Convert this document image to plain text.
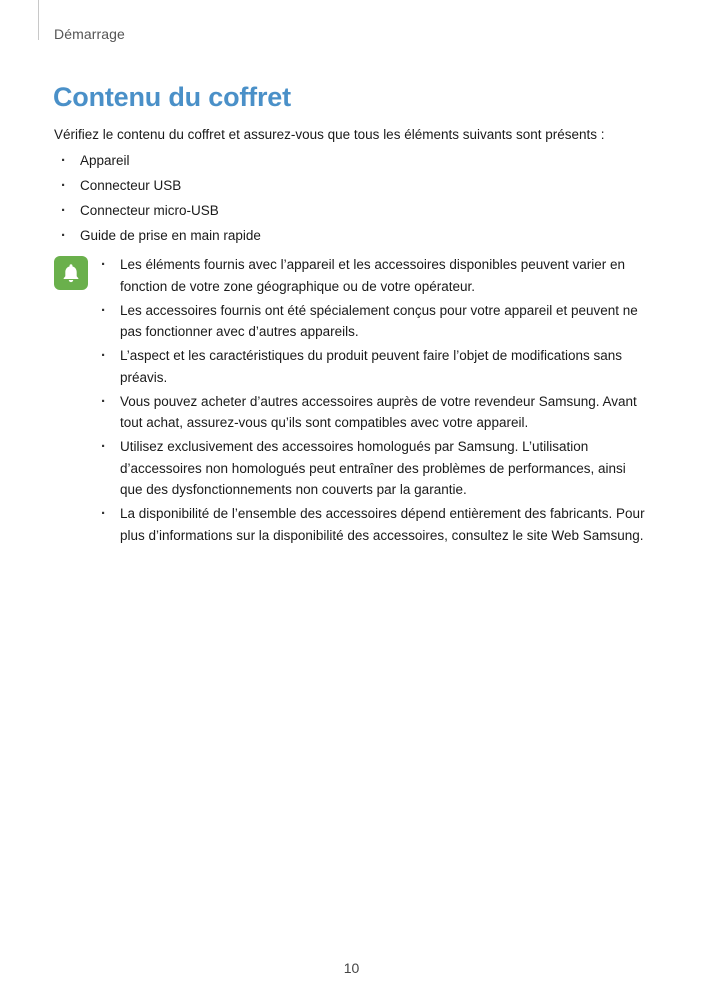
Démarrage
Contenu du coffret

Vérifiez le contenu du coffret et assurez-vous que tous les éléments suivants sont présents :

· Appareil
· Connecteur USB
· Connecteur micro-USB
· Guide de prise en main rapide
· Les éléments fournis avec l’appareil et les accessoires disponibles peuvent varier en fonction de votre zone géographique ou de votre opérateur.
· Les accessoires fournis ont été spécialement conçus pour votre appareil et peuvent ne pas fonctionner avec d’autres appareils.
· L’aspect et les caractéristiques du produit peuvent faire l’objet de modifications sans préavis.
· Vous pouvez acheter d’autres accessoires auprès de votre revendeur Samsung. Avant tout achat, assurez-vous qu’ils sont compatibles avec votre appareil.
· Utilisez exclusivement des accessoires homologués par Samsung. L’utilisation d’accessoires non homologués peut entraîner des problèmes de performances, ainsi que des dysfonctionnements non couverts par la garantie.
· La disponibilité de l’ensemble des accessoires dépend entièrement des fabricants. Pour plus d’informations sur la disponibilité des accessoires, consultez le site Web Samsung.
10
